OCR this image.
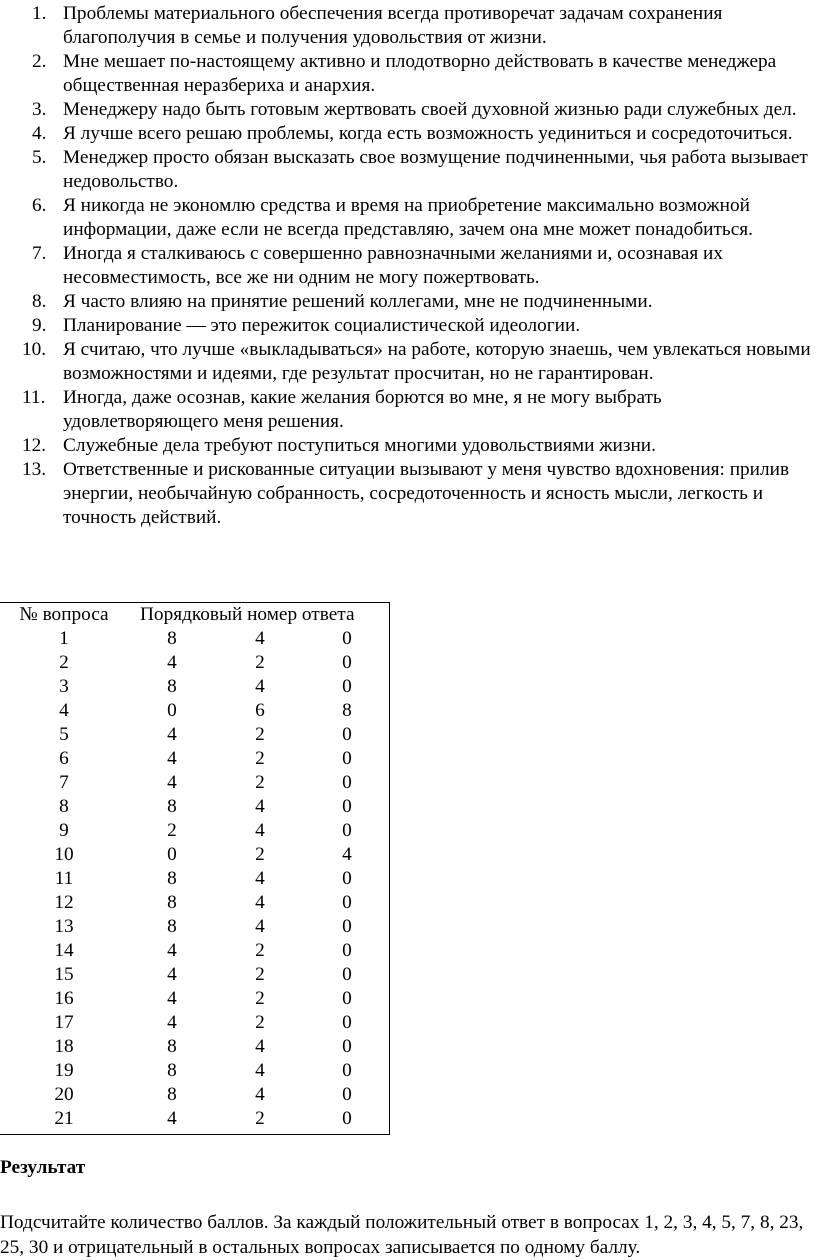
1. Проблемы материального обеспечения всегда противоречат задачам сохранения благополучия в семье и получения удовольствия от жизни.
2. Мне мешает по-настоящему активно и плодотворно действовать в качестве менеджера общественная неразбериха и анархия.
3. Менеджеру надо быть готовым жертвовать своей духовной жизнью ради служебных дел.
4. Я лучше всего решаю проблемы, когда есть возможность уединиться и сосредоточиться.
5. Менеджер просто обязан высказать свое возмущение подчиненными, чья работа вызывает недовольство.
6. Я никогда не экономлю средства и время на приобретение максимально возможной информации, даже если не всегда представляю, зачем она мне может понадобиться.
7. Иногда я сталкиваюсь с совершенно равнозначными желаниями и, осознавая их несовместимость, все же ни одним не могу пожертвовать.
8. Я часто влияю на принятие решений коллегами, мне не подчиненными.
9. Планирование — это пережиток социалистической идеологии.
10. Я считаю, что лучше «выкладываться» на работе, которую знаешь, чем увлекаться новыми возможностями и идеями, где результат просчитан, но не гарантирован.
11. Иногда, даже осознав, какие желания борются во мне, я не могу выбрать удовлетворяющего меня решения.
12. Служебные дела требуют поступиться многими удовольствиями жизни.
13. Ответственные и рискованные ситуации вызывают у меня чувство вдохновения: прилив энергии, необычайную собранность, сосредоточенность и ясность мысли, легкость и точность действий.
№ вопроса	Порядковый номер ответа		
1	8	4	0
2	4	2	0
3	8	4	0
4	0	6	8
5	4	2	0
6	4	2	0
7	4	2	0
8	8	4	0
9	2	4	0
10	0	2	4
11	8	4	0
12	8	4	0
13	8	4	0
14	4	2	0
15	4	2	0
16	4	2	0
17	4	2	0
18	8	4	0
19	8	4	0
20	8	4	0
21	4	2	0
Результат
Подсчитайте количество баллов. За каждый положительный ответ в вопросах 1, 2, 3, 4, 5, 7, 8, 23, 25, 30 и отрицательный в остальных вопросах записывается по одному баллу.
